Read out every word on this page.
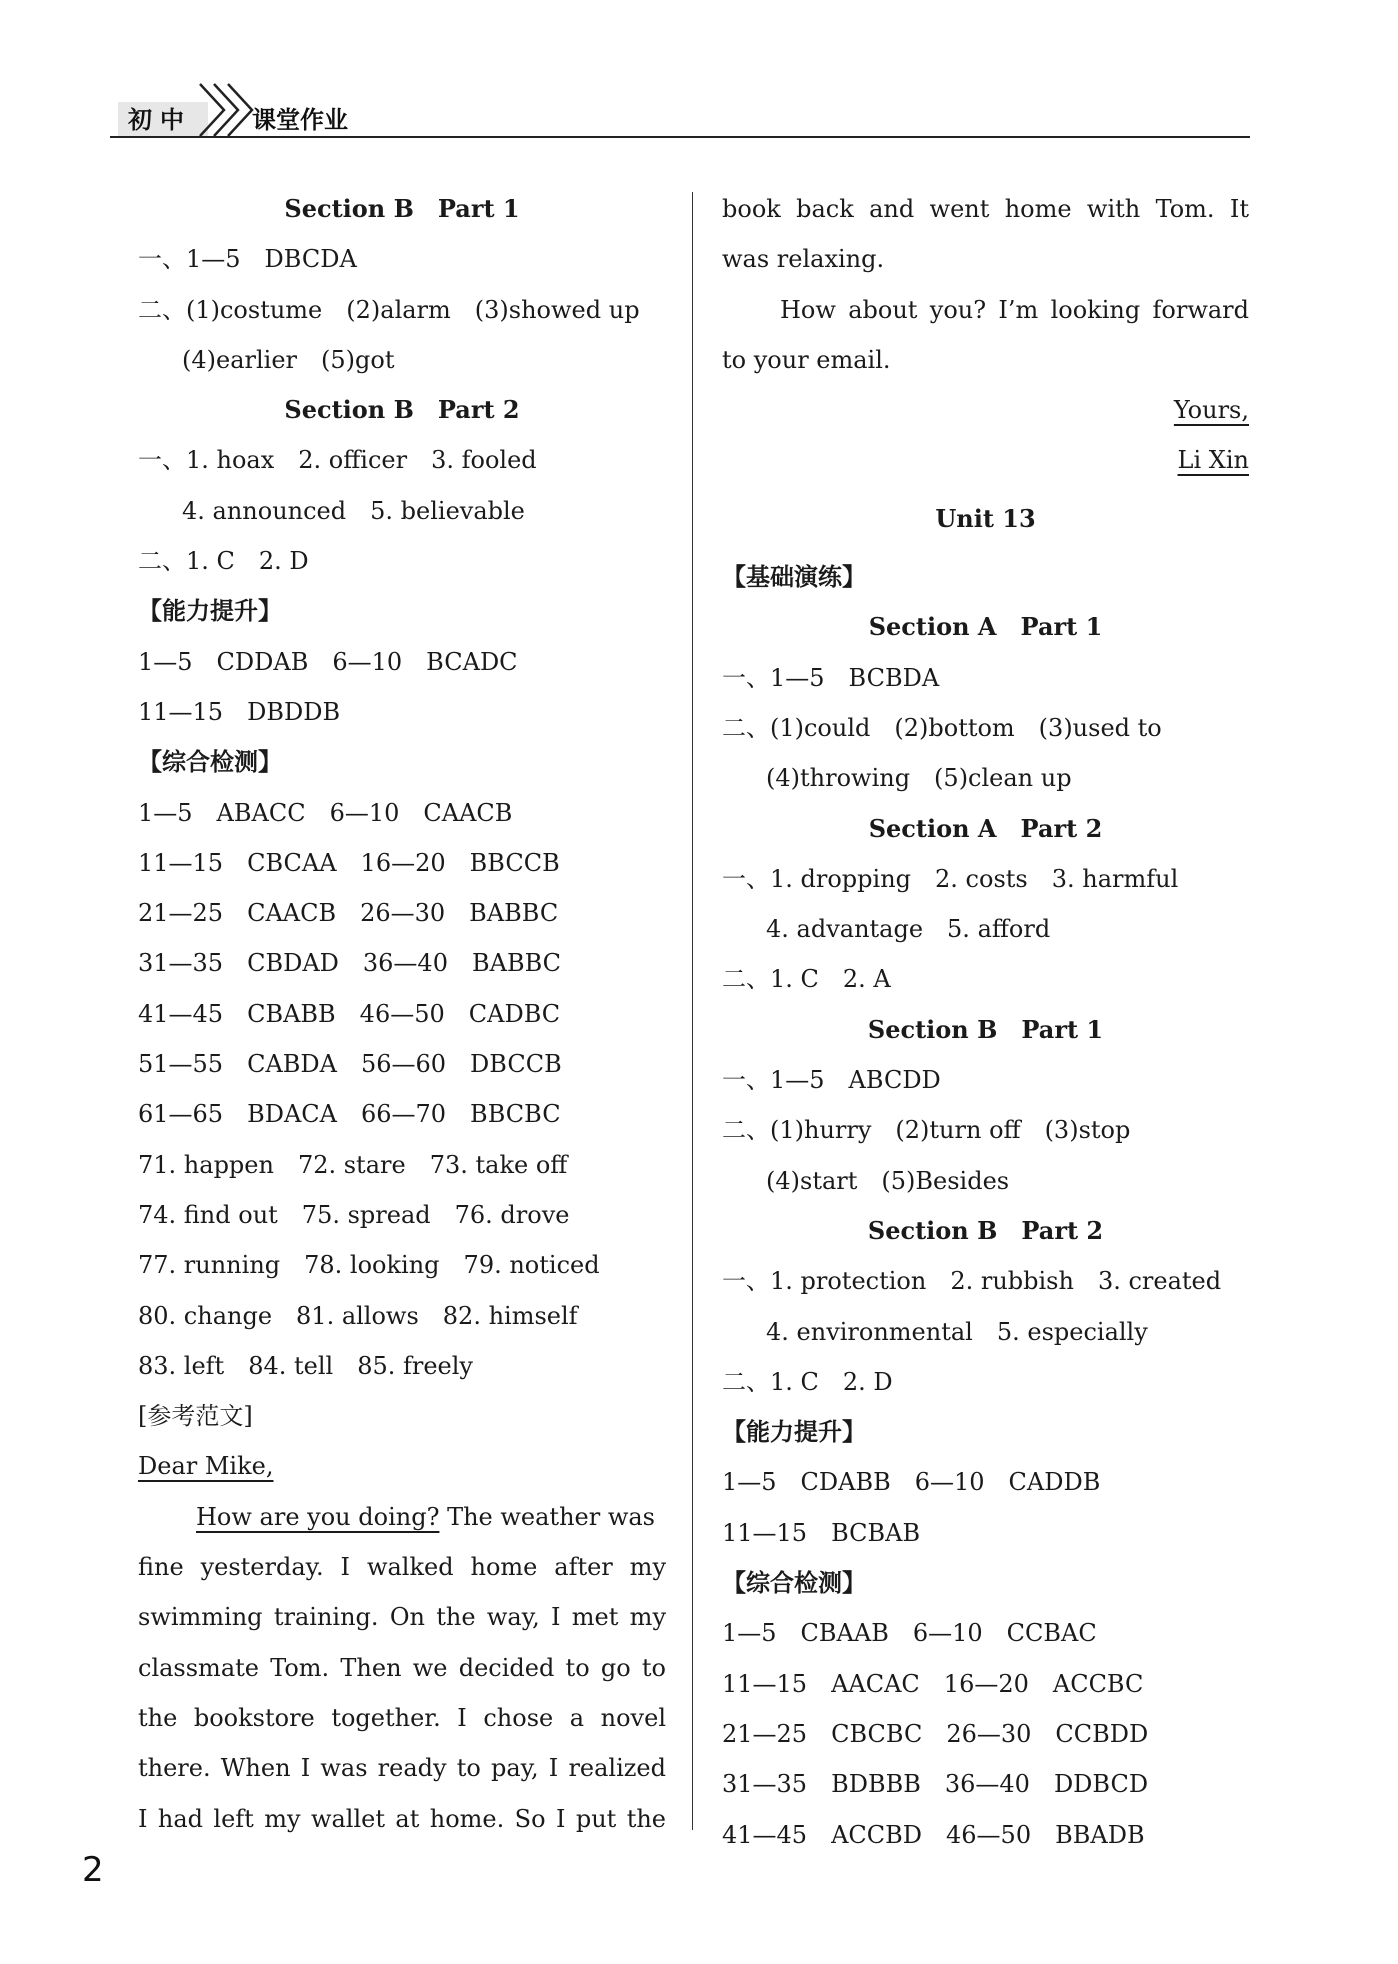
初中	课堂作业
Section B　Part 1
一、1—5　DBCDA
二、(1)costume　(2)alarm　(3)showed up
(4)earlier　(5)got
Section B　Part 2
一、1. hoax　2. officer　3. fooled
4. announced　5. believable
二、1. C　2. D
【能力提升】
1—5　CDDAB　6—10　BCADC
11—15　DBDDB
【综合检测】
1—5　ABACC　6—10　CAACB
11—15　CBCAA　16—20　BBCCB
21—25　CAACB　26—30　BABBC
31—35　CBDAD　36—40　BABBC
41—45　CBABB　46—50　CADBC
51—55　CABDA　56—60　DBCCB
61—65　BDACA　66—70　BBCBC
71. happen　72. stare　73. take off
74. find out　75. spread　76. drove
77. running　78. looking　79. noticed
80. change　81. allows　82. himself
83. left　84. tell　85. freely
[参考范文]
Dear Mike,
How are you doing? The weather was
fine yesterday. I walked home after my
swimming training. On the way, I met my
classmate Tom. Then we decided to go to
the bookstore together. I chose a novel
there. When I was ready to pay, I realized
I had left my wallet at home. So I put the
book back and went home with Tom. It
was relaxing.
How about you? I’m looking forward
to your email.
Yours,
Li Xin
Unit 13
【基础演练】
Section A　Part 1
一、1—5　BCBDA
二、(1)could　(2)bottom　(3)used to
(4)throwing　(5)clean up
Section A　Part 2
一、1. dropping　2. costs　3. harmful
4. advantage　5. afford
二、1. C　2. A
Section B　Part 1
一、1—5　ABCDD
二、(1)hurry　(2)turn off　(3)stop
(4)start　(5)Besides
Section B　Part 2
一、1. protection　2. rubbish　3. created
4. environmental　5. especially
二、1. C　2. D
【能力提升】
1—5　CDABB　6—10　CADDB
11—15　BCBAB
【综合检测】
1—5　CBAAB　6—10　CCBAC
11—15　AACAC　16—20　ACCBC
21—25　CBCBC　26—30　CCBDD
31—35　BDBBB　36—40　DDBCD
41—45　ACCBD　46—50　BBADB
2
